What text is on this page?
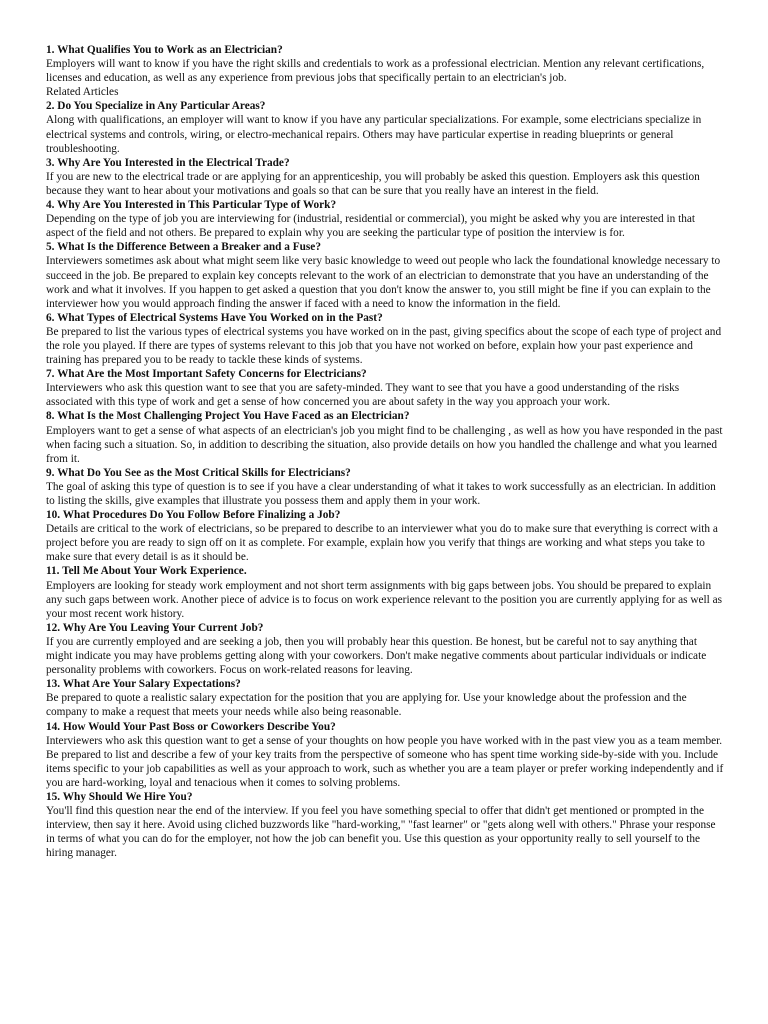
1. What Qualifies You to Work as an Electrician?

Employers will want to know if you have the right skills and credentials to work as a professional electrician. Mention any relevant certifications, licenses and education, as well as any experience from previous jobs that specifically pertain to an electrician's job.

Related Articles

2. Do You Specialize in Any Particular Areas?

Along with qualifications, an employer will want to know if you have any particular specializations. For example, some electricians specialize in electrical systems and controls, wiring, or electro-mechanical repairs. Others may have particular expertise in reading blueprints or general troubleshooting.

3. Why Are You Interested in the Electrical Trade?

If you are new to the electrical trade or are applying for an apprenticeship, you will probably be asked this question. Employers ask this question because they want to hear about your motivations and goals so that can be sure that you really have an interest in the field.

4. Why Are You Interested in This Particular Type of Work?

Depending on the type of job you are interviewing for (industrial, residential or commercial), you might be asked why you are interested in that aspect of the field and not others. Be prepared to explain why you are seeking the particular type of position the interview is for.

5. What Is the Difference Between a Breaker and a Fuse?

Interviewers sometimes ask about what might seem like very basic knowledge to weed out people who lack the foundational knowledge necessary to succeed in the job. Be prepared to explain key concepts relevant to the work of an electrician to demonstrate that you have an understanding of the work and what it involves. If you happen to get asked a question that you don't know the answer to, you still might be fine if you can explain to the interviewer how you would approach finding the answer if faced with a need to know the information in the field.

6. What Types of Electrical Systems Have You Worked on in the Past?

Be prepared to list the various types of electrical systems you have worked on in the past, giving specifics about the scope of each type of project and the role you played. If there are types of systems relevant to this job that you have not worked on before, explain how your past experience and training has prepared you to be ready to tackle these kinds of systems.

7. What Are the Most Important Safety Concerns for Electricians?

Interviewers who ask this question want to see that you are safety-minded. They want to see that you have a good understanding of the risks associated with this type of work and get a sense of how concerned you are about safety in the way you approach your work.

8. What Is the Most Challenging Project You Have Faced as an Electrician?

Employers want to get a sense of what aspects of an electrician's job you might find to be challenging , as well as how you have responded in the past when facing such a situation. So, in addition to describing the situation, also provide details on how you handled the challenge and what you learned from it.

9. What Do You See as the Most Critical Skills for Electricians?

The goal of asking this type of question is to see if you have a clear understanding of what it takes to work successfully as an electrician. In addition to listing the skills, give examples that illustrate you possess them and apply them in your work.

10. What Procedures Do You Follow Before Finalizing a Job?

Details are critical to the work of electricians, so be prepared to describe to an interviewer what you do to make sure that everything is correct with a project before you are ready to sign off on it as complete. For example, explain how you verify that things are working and what steps you take to make sure that every detail is as it should be.

11. Tell Me About Your Work Experience.

Employers are looking for steady work employment and not short term assignments with big gaps between jobs. You should be prepared to explain any such gaps between work. Another piece of advice is to focus on work experience relevant to the position you are currently applying for as well as your most recent work history.

12. Why Are You Leaving Your Current Job?

If you are currently employed and are seeking a job, then you will probably hear this question. Be honest, but be careful not to say anything that might indicate you may have problems getting along with your coworkers. Don't make negative comments about particular individuals or indicate personality problems with coworkers. Focus on work-related reasons for leaving.

13. What Are Your Salary Expectations?

Be prepared to quote a realistic salary expectation for the position that you are applying for. Use your knowledge about the profession and the company to make a request that meets your needs while also being reasonable.

14. How Would Your Past Boss or Coworkers Describe You?

Interviewers who ask this question want to get a sense of your thoughts on how people you have worked with in the past view you as a team member. Be prepared to list and describe a few of your key traits from the perspective of someone who has spent time working side-by-side with you. Include items specific to your job capabilities as well as your approach to work, such as whether you are a team player or prefer working independently and if you are hard-working, loyal and tenacious when it comes to solving problems.

15. Why Should We Hire You?

You'll find this question near the end of the interview. If you feel you have something special to offer that didn't get mentioned or prompted in the interview, then say it here. Avoid using cliched buzzwords like "hard-working," "fast learner" or "gets along well with others." Phrase your response in terms of what you can do for the employer, not how the job can benefit you. Use this question as your opportunity really to sell yourself to the hiring manager.
